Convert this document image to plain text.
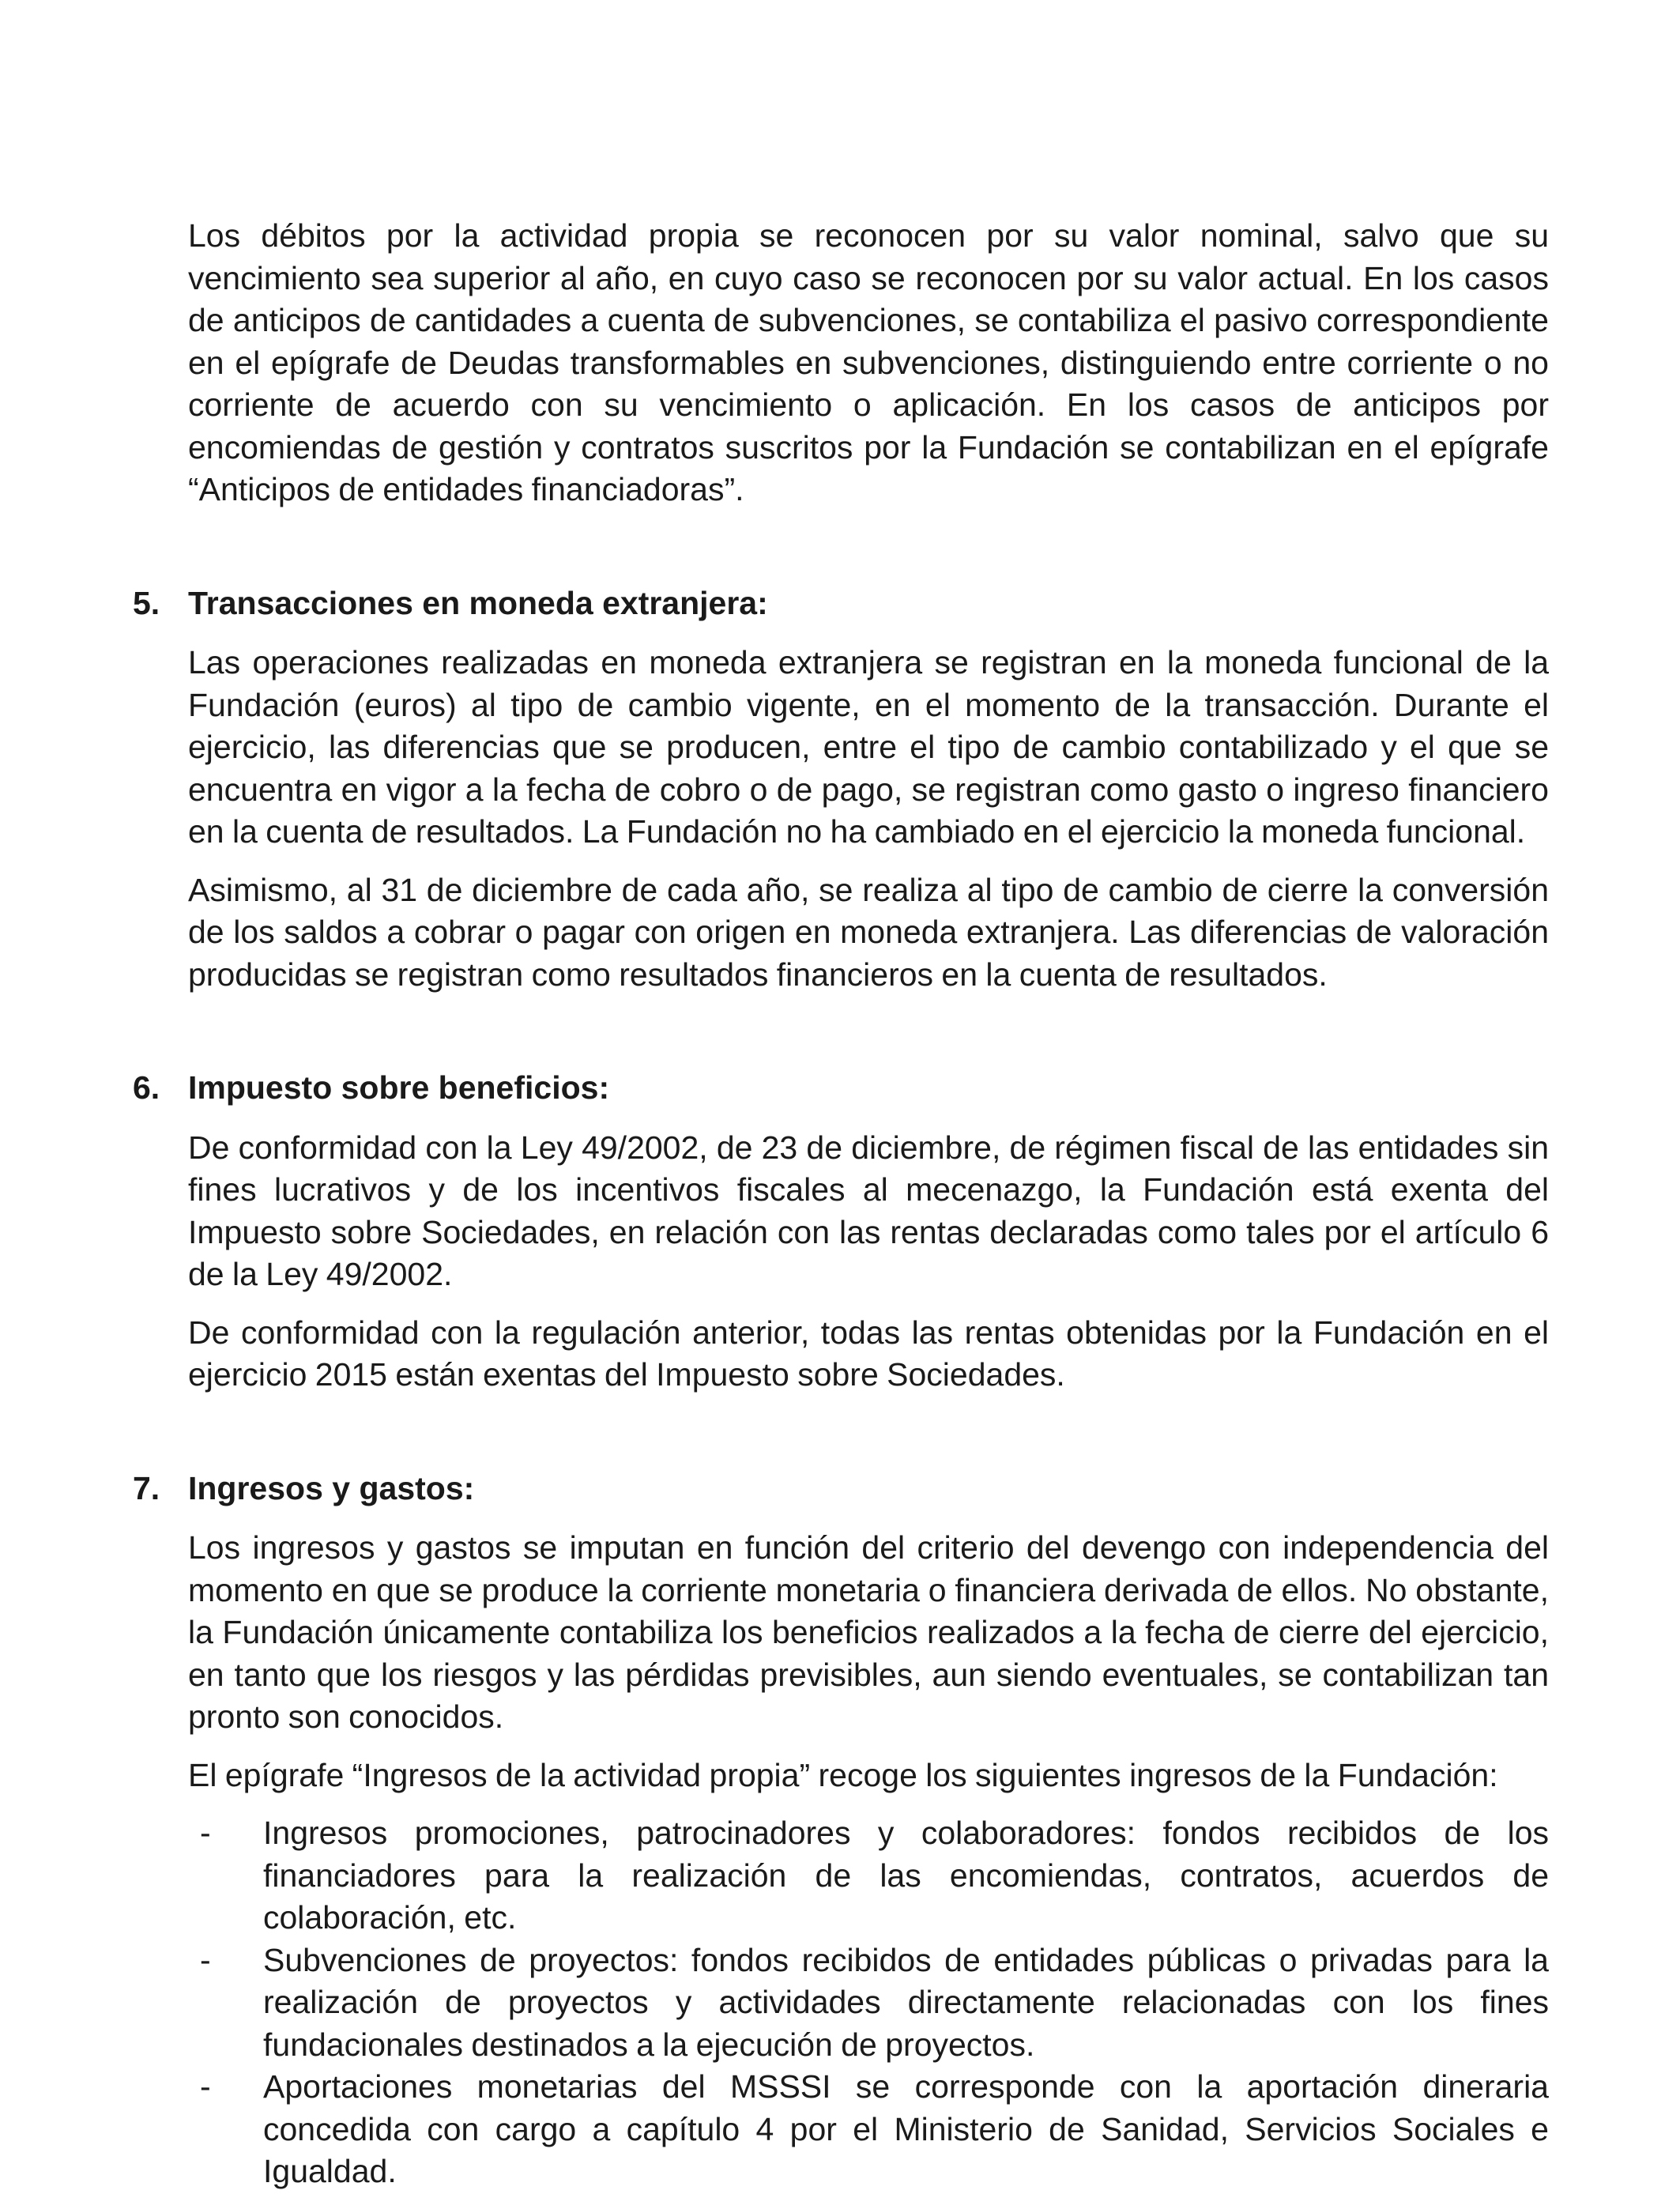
Los débitos por la actividad propia se reconocen por su valor nominal, salvo que su vencimiento sea superior al año, en cuyo caso se reconocen por su valor actual. En los casos de anticipos de cantidades a cuenta de subvenciones, se contabiliza el pasivo correspondiente en el epígrafe de Deudas transformables en subvenciones, distinguiendo entre corriente o no corriente de acuerdo con su vencimiento o aplicación. En los casos de anticipos por encomiendas de gestión y contratos suscritos por la Fundación se contabilizan en el epígrafe “Anticipos de entidades financiadoras”.

5. Transacciones en moneda extranjera:

Las operaciones realizadas en moneda extranjera se registran en la moneda funcional de la Fundación (euros) al tipo de cambio vigente, en el momento de la transacción. Durante el ejercicio, las diferencias que se producen, entre el tipo de cambio contabilizado y el que se encuentra en vigor a la fecha de cobro o de pago, se registran como gasto o ingreso financiero en la cuenta de resultados. La Fundación no ha cambiado en el ejercicio la moneda funcional.

Asimismo, al 31 de diciembre de cada año, se realiza al tipo de cambio de cierre la conversión de los saldos a cobrar o pagar con origen en moneda extranjera. Las diferencias de valoración producidas se registran como resultados financieros en la cuenta de resultados.

6. Impuesto sobre beneficios:

De conformidad con la Ley 49/2002, de 23 de diciembre, de régimen fiscal de las entidades sin fines lucrativos y de los incentivos fiscales al mecenazgo, la Fundación está exenta del Impuesto sobre Sociedades, en relación con las rentas declaradas como tales por el artículo 6 de la Ley 49/2002.

De conformidad con la regulación anterior, todas las rentas obtenidas por la Fundación en el ejercicio 2015 están exentas del Impuesto sobre Sociedades.

7. Ingresos y gastos:

Los ingresos y gastos se imputan en función del criterio del devengo con independencia del momento en que se produce la corriente monetaria o financiera derivada de ellos. No obstante, la Fundación únicamente contabiliza los beneficios realizados a la fecha de cierre del ejercicio, en tanto que los riesgos y las pérdidas previsibles, aun siendo eventuales, se contabilizan tan pronto son conocidos.

El epígrafe “Ingresos de la actividad propia” recoge los siguientes ingresos de la Fundación:

- Ingresos promociones, patrocinadores y colaboradores: fondos recibidos de los financiadores para la realización de las encomiendas, contratos, acuerdos de colaboración, etc.
- Subvenciones de proyectos: fondos recibidos de entidades públicas o privadas para la realización de proyectos y actividades directamente relacionadas con los fines fundacionales destinados a la ejecución de proyectos.
- Aportaciones monetarias del MSSSI se corresponde con la aportación dineraria concedida con cargo a capítulo 4 por el Ministerio de Sanidad, Servicios Sociales e Igualdad.
